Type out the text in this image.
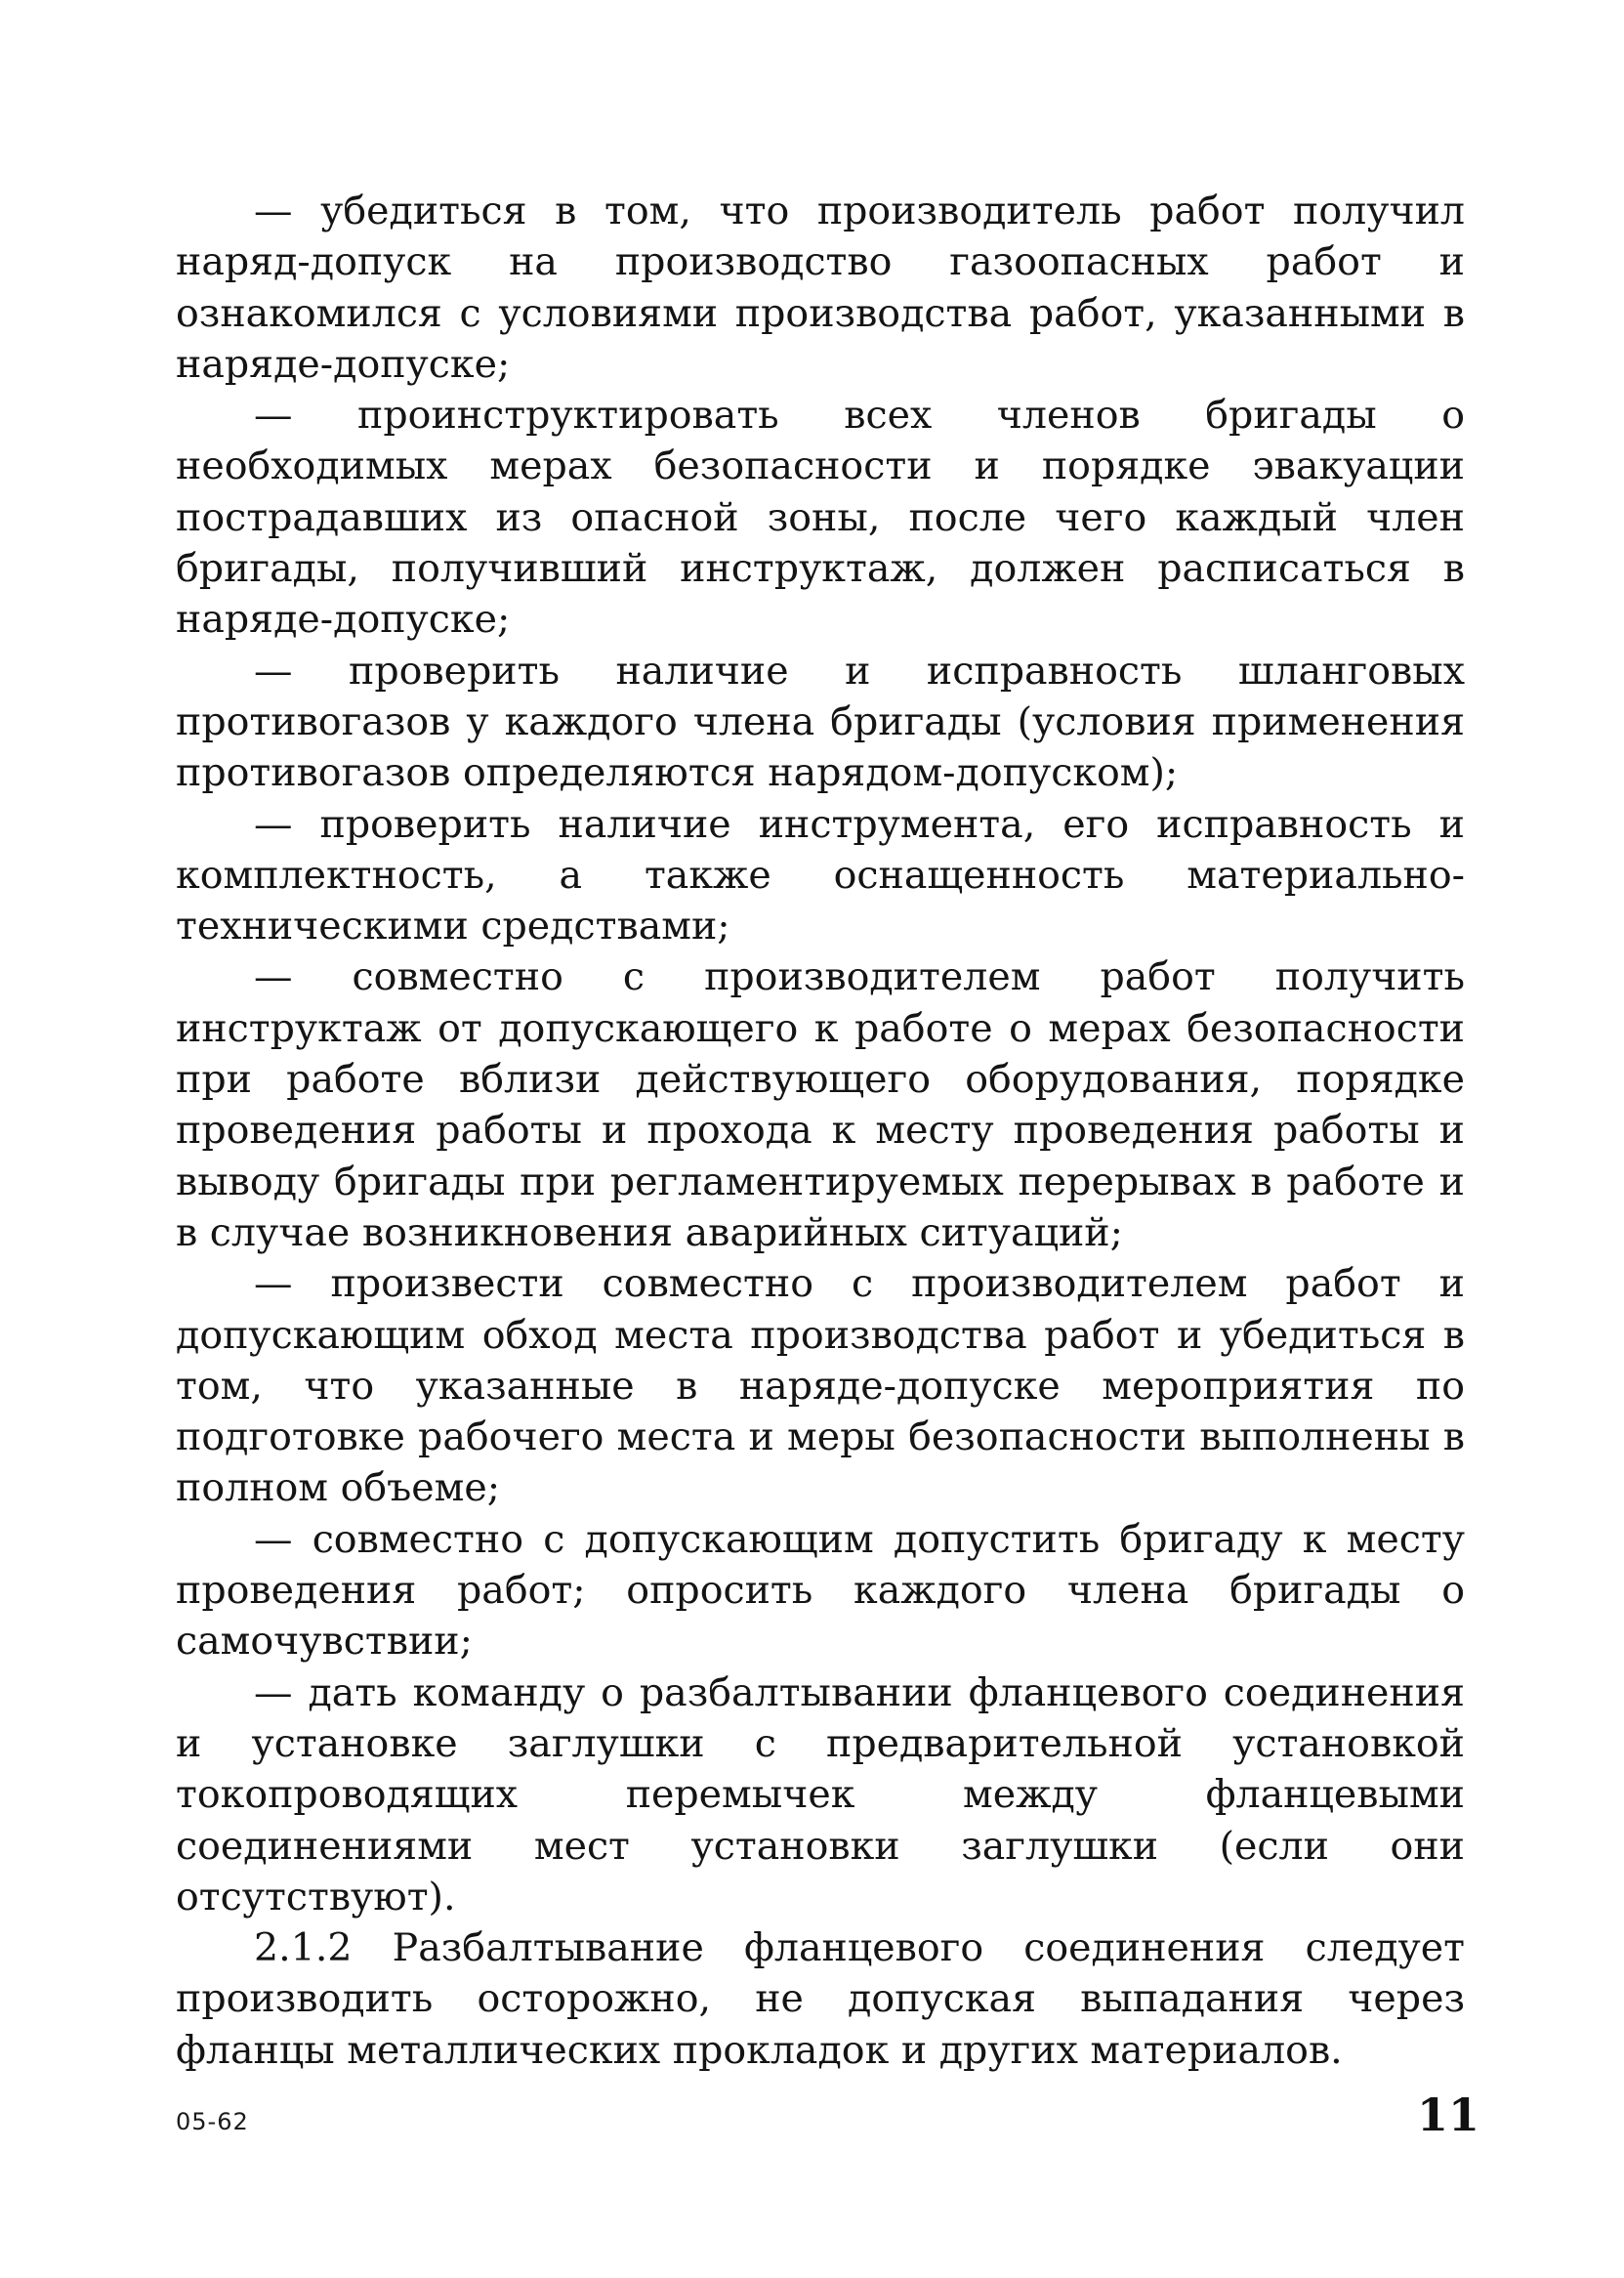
— убедиться в том, что производитель работ получил наряд-допуск на производство газоопасных работ и ознакомился с условиями производства работ, указанными в наряде-допуске;

— проинструктировать всех членов бригады о необходимых мерах безопасности и порядке эвакуации пострадавших из опасной зоны, после чего каждый член бригады, получивший инструктаж, должен расписаться в наряде-допуске;

— проверить наличие и исправность шланговых противогазов у каждого члена бригады (условия применения противогазов определяются нарядом-допуском);

— проверить наличие инструмента, его исправность и комплектность, а также оснащенность материально-техническими средствами;

— совместно с производителем работ получить инструктаж от допускающего к работе о мерах безопасности при работе вблизи действующего оборудования, порядке проведения работы и прохода к месту проведения работы и выводу бригады при регламентируемых перерывах в работе и в случае возникновения аварийных ситуаций;

— произвести совместно с производителем работ и допускающим обход места производства работ и убедиться в том, что указанные в наряде-допуске мероприятия по подготовке рабочего места и меры безопасности выполнены в полном объеме;

— совместно с допускающим допустить бригаду к месту проведения работ; опросить каждого члена бригады о самочувствии;

— дать команду о разбалтывании фланцевого соединения и установке заглушки с предварительной установкой токопроводящих перемычек между фланцевыми соединениями мест установки заглушки (если они отсутствуют).

2.1.2 Разбалтывание фланцевого соединения следует производить осторожно, не допуская выпадания через фланцы металлических прокладок и других материалов.

05-62	11
